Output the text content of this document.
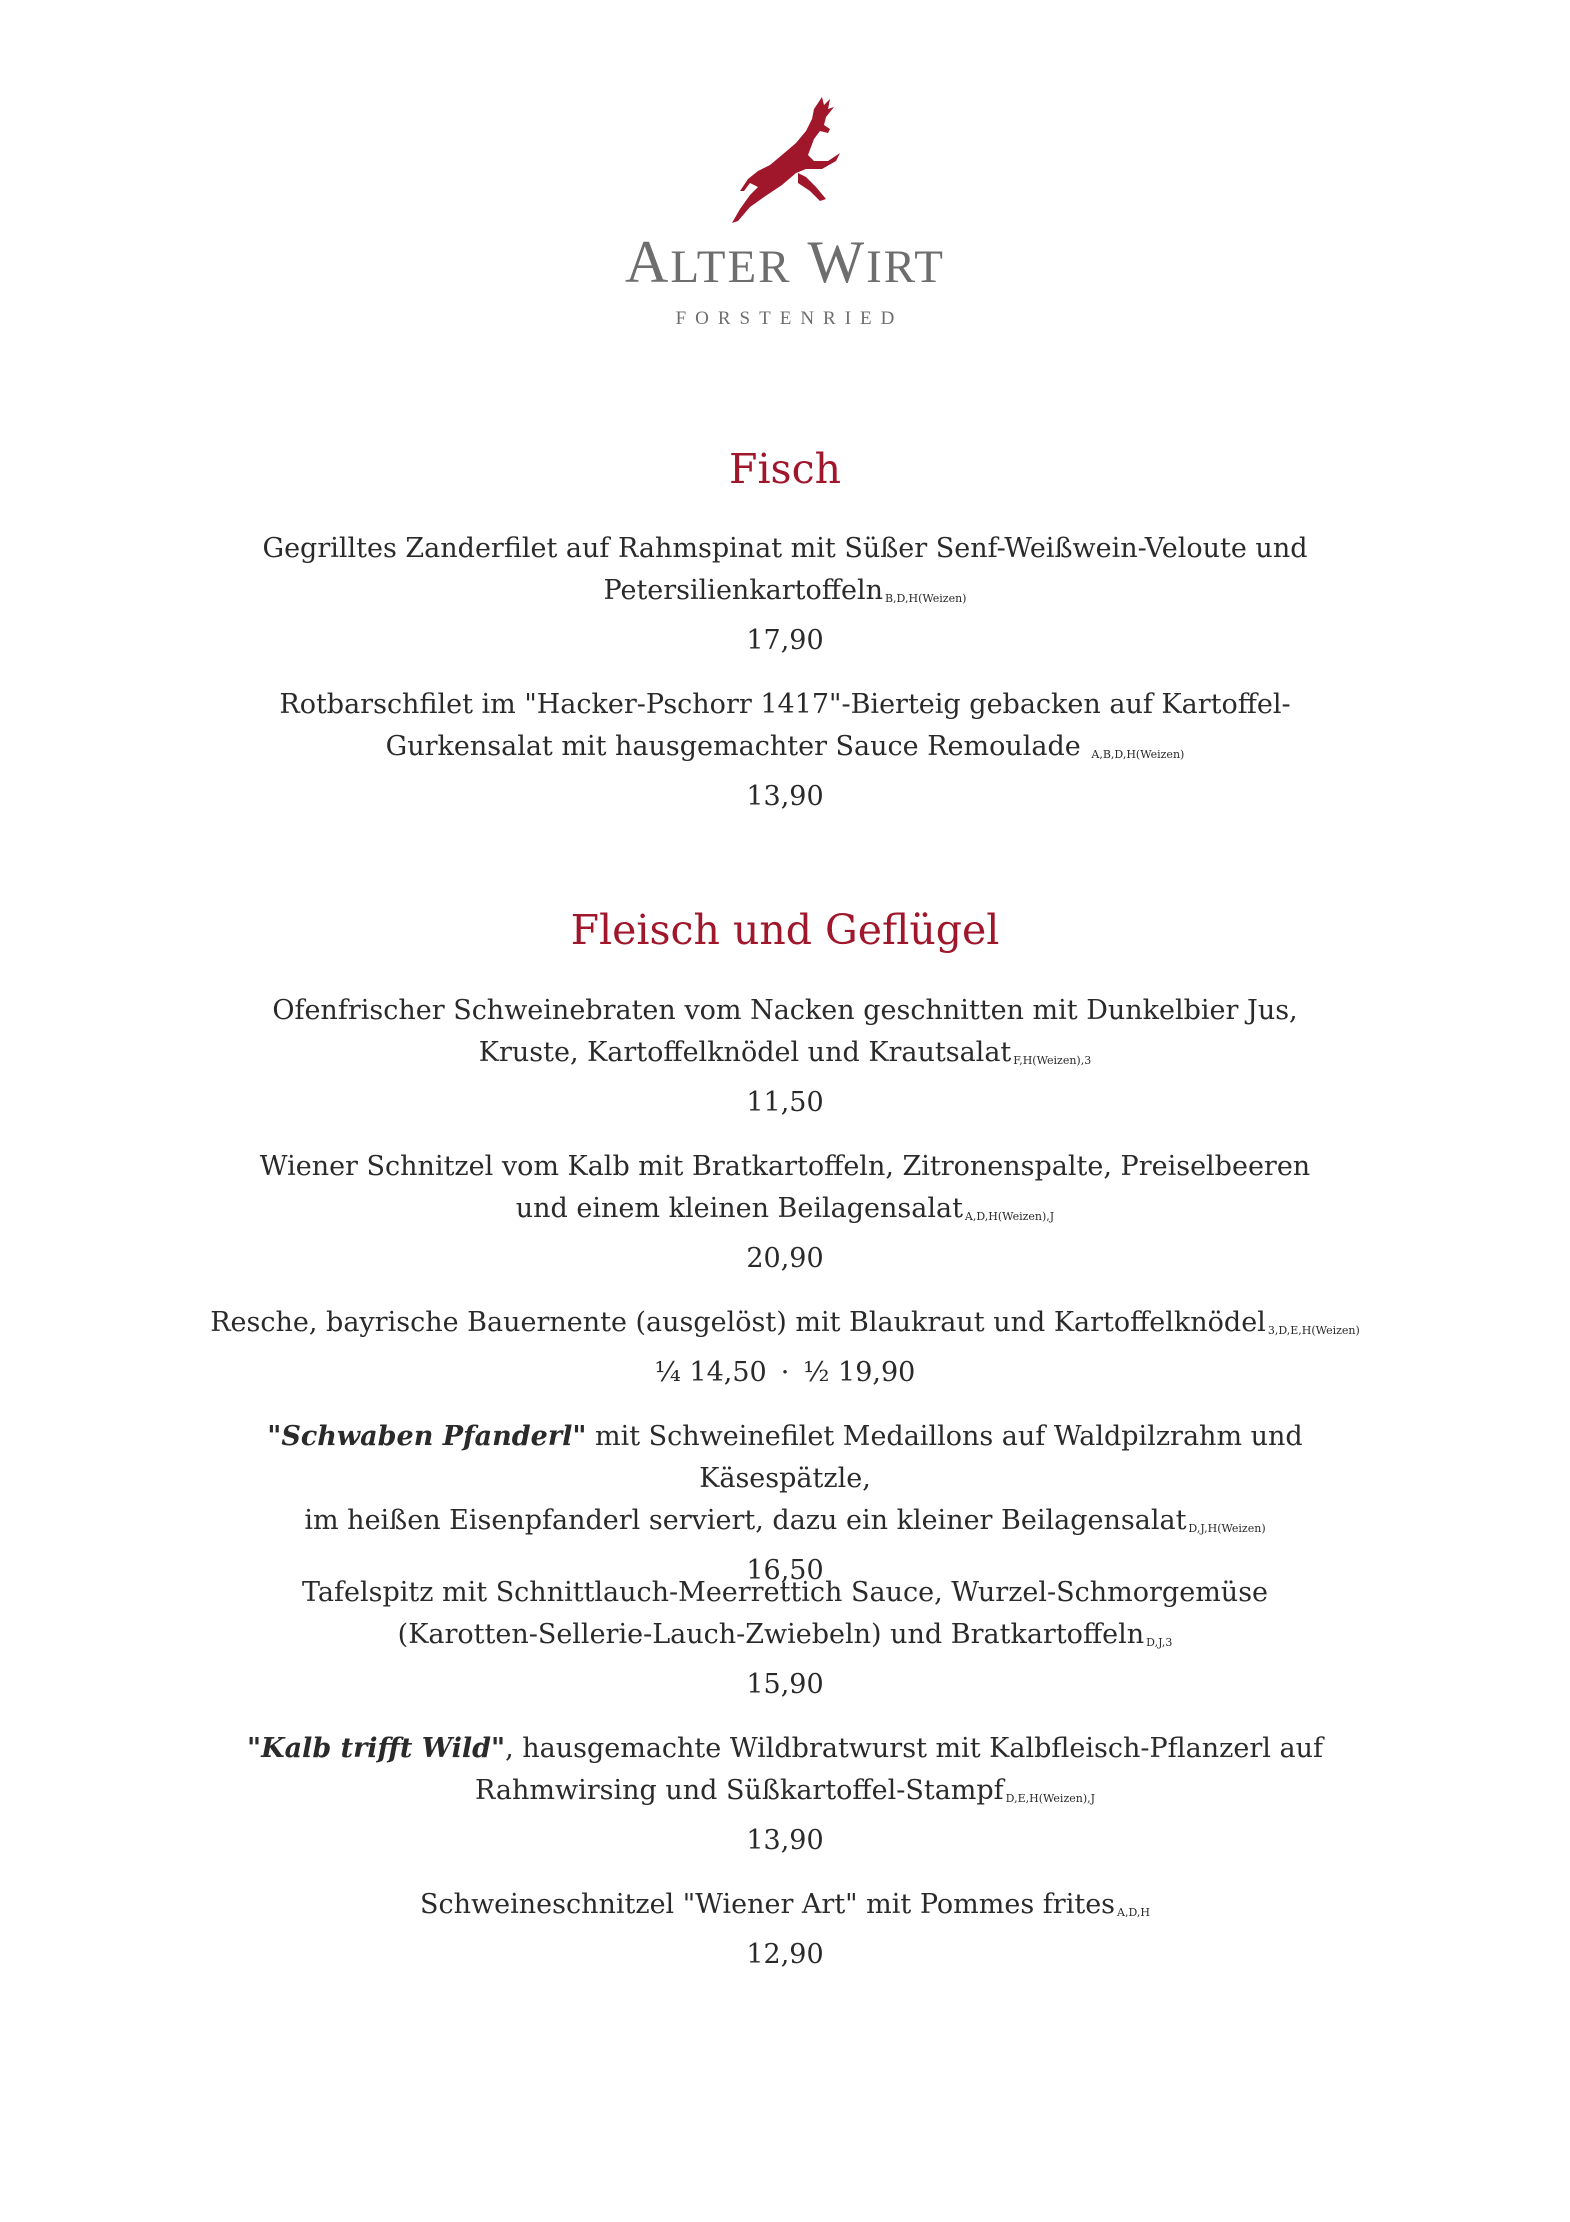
ALTER WIRT
FORSTENRIED
Fisch
Gegrilltes Zanderfilet auf Rahmspinat mit Süßer Senf-Weißwein-Veloute und
Petersilienkartoffeln B,D,H(Weizen)
17,90
Rotbarschfilet im "Hacker-Pschorr 1417"-Bierteig gebacken auf Kartoffel-
Gurkensalat mit hausgemachter Sauce Remoulade A,B,D,H(Weizen)
13,90
Fleisch und Geflügel
Ofenfrischer Schweinebraten vom Nacken geschnitten mit Dunkelbier Jus,
Kruste, Kartoffelknödel und Krautsalat F,H(Weizen),3
11,50
Wiener Schnitzel vom Kalb mit Bratkartoffeln, Zitronenspalte, Preiselbeeren
und einem kleinen Beilagensalat A,D,H(Weizen),J
20,90
Resche, bayrische Bauernente (ausgelöst) mit Blaukraut und Kartoffelknödel 3,D,E,H(Weizen)
¼ 14,50 · ½ 19,90
"Schwaben Pfanderl" mit Schweinefilet Medaillons auf Waldpilzrahm und Käsespätzle,
im heißen Eisenpfanderl serviert, dazu ein kleiner Beilagensalat D,J,H(Weizen)
16,50
Tafelspitz mit Schnittlauch-Meerrettich Sauce, Wurzel-Schmorgemüse
(Karotten-Sellerie-Lauch-Zwiebeln) und Bratkartoffeln D,J,3
15,90
"Kalb trifft Wild", hausgemachte Wildbratwurst mit Kalbfleisch-Pflanzerl auf
Rahmwirsing und Süßkartoffel-Stampf D,E,H(Weizen),J
13,90
Schweineschnitzel "Wiener Art" mit Pommes frites A,D,H
12,90
